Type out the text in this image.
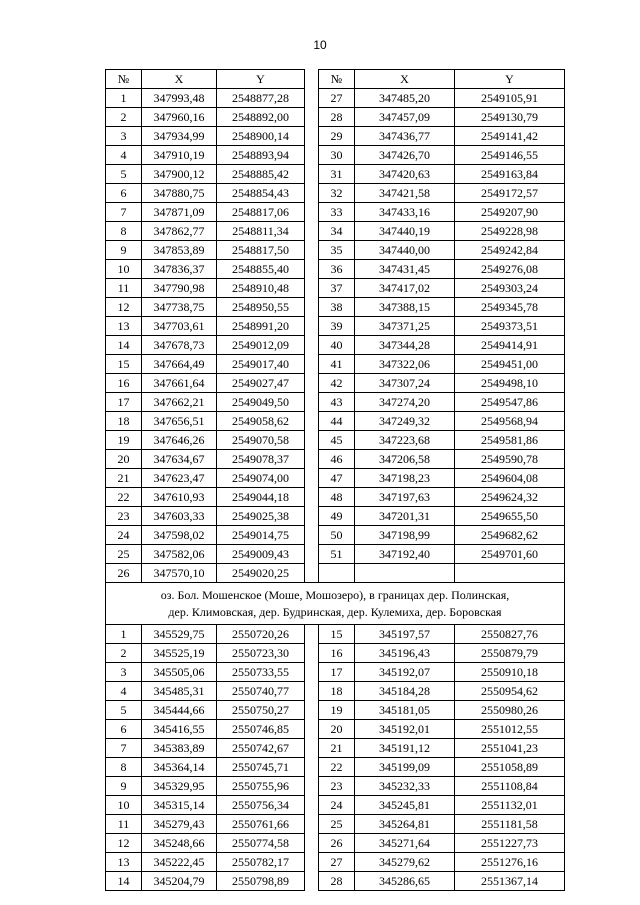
10
№	X	Y		№	X	Y
1	347993,48	2548877,28		27	347485,20	2549105,91
2	347960,16	2548892,00		28	347457,09	2549130,79
3	347934,99	2548900,14		29	347436,77	2549141,42
4	347910,19	2548893,94		30	347426,70	2549146,55
5	347900,12	2548885,42		31	347420,63	2549163,84
6	347880,75	2548854,43		32	347421,58	2549172,57
7	347871,09	2548817,06		33	347433,16	2549207,90
8	347862,77	2548811,34		34	347440,19	2549228,98
9	347853,89	2548817,50		35	347440,00	2549242,84
10	347836,37	2548855,40		36	347431,45	2549276,08
11	347790,98	2548910,48		37	347417,02	2549303,24
12	347738,75	2548950,55		38	347388,15	2549345,78
13	347703,61	2548991,20		39	347371,25	2549373,51
14	347678,73	2549012,09		40	347344,28	2549414,91
15	347664,49	2549017,40		41	347322,06	2549451,00
16	347661,64	2549027,47		42	347307,24	2549498,10
17	347662,21	2549049,50		43	347274,20	2549547,86
18	347656,51	2549058,62		44	347249,32	2549568,94
19	347646,26	2549070,58		45	347223,68	2549581,86
20	347634,67	2549078,37		46	347206,58	2549590,78
21	347623,47	2549074,00		47	347198,23	2549604,08
22	347610,93	2549044,18		48	347197,63	2549624,32
23	347603,33	2549025,38		49	347201,31	2549655,50
24	347598,02	2549014,75		50	347198,99	2549682,62
25	347582,06	2549009,43		51	347192,40	2549701,60
26	347570,10	2549020,25				

оз. Бол. Мошенское (Моше, Мошозеро), в границах дер. Полинская,
дер. Климовская, дер. Будринская, дер. Кулемиха, дер. Боровская						

1	345529,75	2550720,26		15	345197,57	2550827,76
2	345525,19	2550723,30		16	345196,43	2550879,79
3	345505,06	2550733,55		17	345192,07	2550910,18
4	345485,31	2550740,77		18	345184,28	2550954,62
5	345444,66	2550750,27		19	345181,05	2550980,26
6	345416,55	2550746,85		20	345192,01	2551012,55
7	345383,89	2550742,67		21	345191,12	2551041,23
8	345364,14	2550745,71		22	345199,09	2551058,89
9	345329,95	2550755,96		23	345232,33	2551108,84
10	345315,14	2550756,34		24	345245,81	2551132,01
11	345279,43	2550761,66		25	345264,81	2551181,58
12	345248,66	2550774,58		26	345271,64	2551227,73
13	345222,45	2550782,17		27	345279,62	2551276,16
14	345204,79	2550798,89		28	345286,65	2551367,14
